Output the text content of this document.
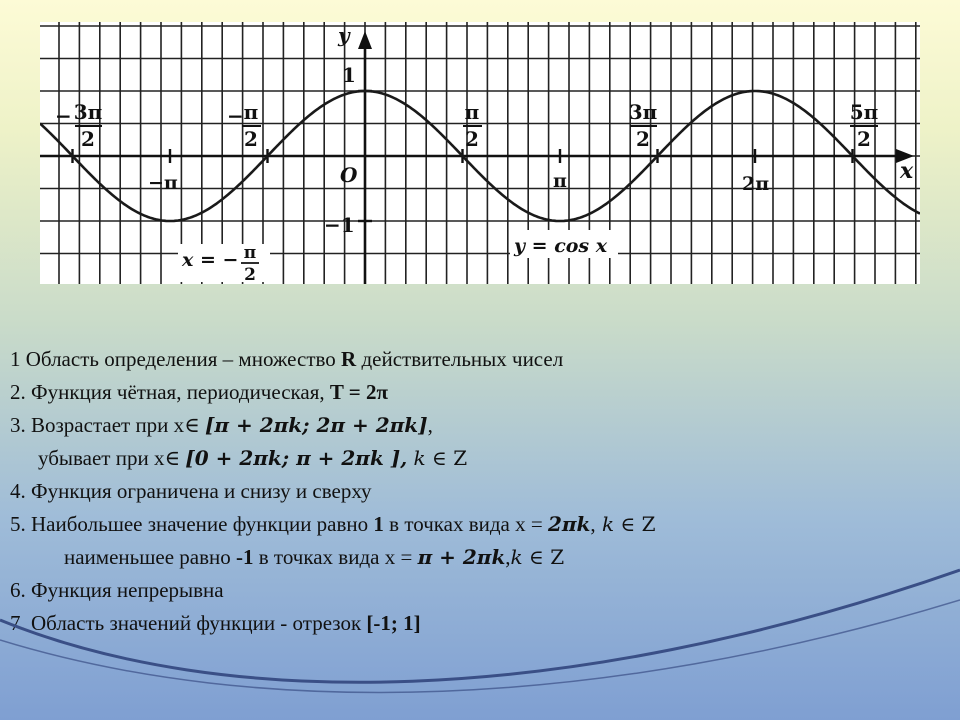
y
x
O
1
−1
− 3π
2
− π
2
π
2
3π
2
5π
2
−π	π	2π
x = − π
2
y = cos x
1 Область определения – множество R действительных чисел
2. Функция чётная, периодическая, T = 2π
3. Возрастает при х∈ [π + 2πk; 2π + 2πk],
убывает при х∈ [0 + 2πk; π + 2πk ], k ∈ Z
4. Функция ограничена и снизу и сверху
5. Наибольшее значение функции равно 1 в точках вида х = 2πk, k ∈ Z
наименьшее равно -1 в точках вида х = π + 2πk,k ∈ Z
6. Функция непрерывна
7. Область значений функции - отрезок [-1; 1]
